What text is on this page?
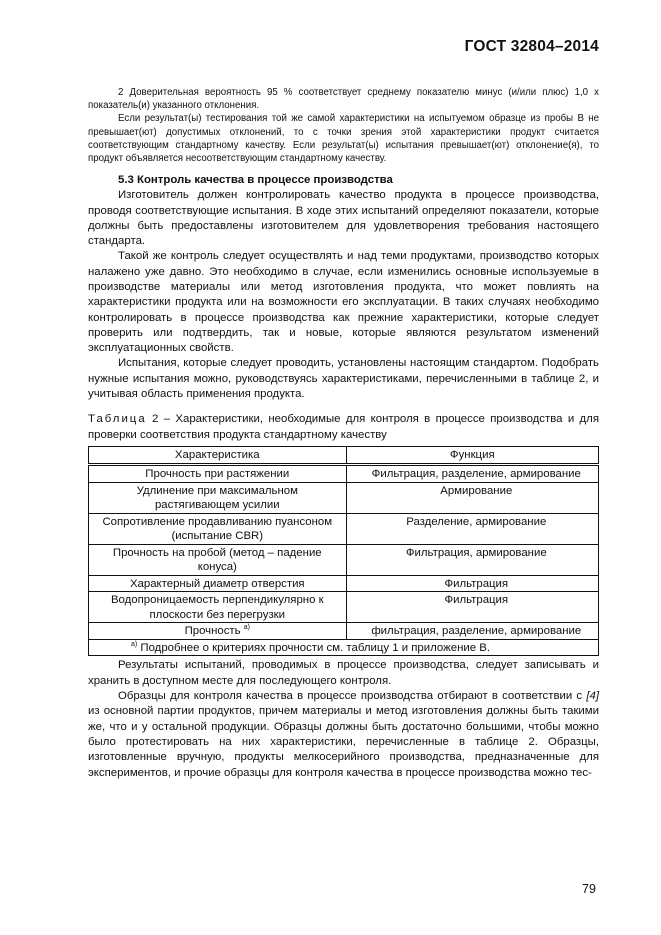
ГОСТ 32804–2014

2 Доверительная вероятность 95 % соответствует среднему показателю минус (и/или плюс) 1,0 х показатель(и) указанного отклонения.

Если результат(ы) тестирования той же самой характеристики на испытуемом образце из пробы В не превышает(ют) допустимых отклонений, то с точки зрения этой характеристики продукт считается соответствующим стандартному качеству. Если результат(ы) испытания превышает(ют) отклонение(я), то продукт объявляется несоответствующим стандартному качеству.

5.3 Контроль качества в процессе производства

Изготовитель должен контролировать качество продукта в процессе производства, проводя соответствующие испытания. В ходе этих испытаний определяют показатели, которые должны быть предоставлены изготовителем для удовлетворения требования настоящего стандарта.

Такой же контроль следует осуществлять и над теми продуктами, производство которых налажено уже давно. Это необходимо в случае, если изменились основные используемые в производстве материалы или метод изготовления продукта, что может повлиять на характеристики продукта или на возможности его эксплуатации. В таких случаях необходимо контролировать в процессе производства как прежние характеристики, которые следует проверить или подтвердить, так и новые, которые являются результатом изменений эксплуатационных свойств.

Испытания, которые следует проводить, установлены настоящим стандартом. Подобрать нужные испытания можно, руководствуясь характеристиками, перечисленными в таблице 2, и учитывая область применения продукта.

Таблица 2 – Характеристики, необходимые для контроля в процессе производства и для проверки соответствия продукта стандартному качеству

Характеристика	Функция
Прочность при растяжении	Фильтрация, разделение, армирование
Удлинение при максимальном растягивающем усилии	Армирование
Сопротивление продавливанию пуансоном (испытание CBR)	Разделение, армирование
Прочность на пробой (метод – падение конуса)	Фильтрация, армирование
Характерный диаметр отверстия	Фильтрация
Водопроницаемость перпендикулярно к плоскости без перегрузки	Фильтрация
Прочность $^{а)}$	фильтрация, разделение, армирование
$^{а)}$ Подробнее о критериях прочности см. таблицу 1 и приложение В.	

Результаты испытаний, проводимых в процессе производства, следует записывать и хранить в доступном месте для последующего контроля.

Образцы для контроля качества в процессе производства отбирают в соответствии с [4] из основной партии продуктов, причем материалы и метод изготовления должны быть такими же, что и у остальной продукции. Образцы должны быть достаточно большими, чтобы можно было протестировать на них характеристики, перечисленные в таблице 2. Образцы, изготовленные вручную, продукты мелкосерийного производства, предназначенные для экспериментов, и прочие образцы для контроля качества в процессе производства можно тес-

79
